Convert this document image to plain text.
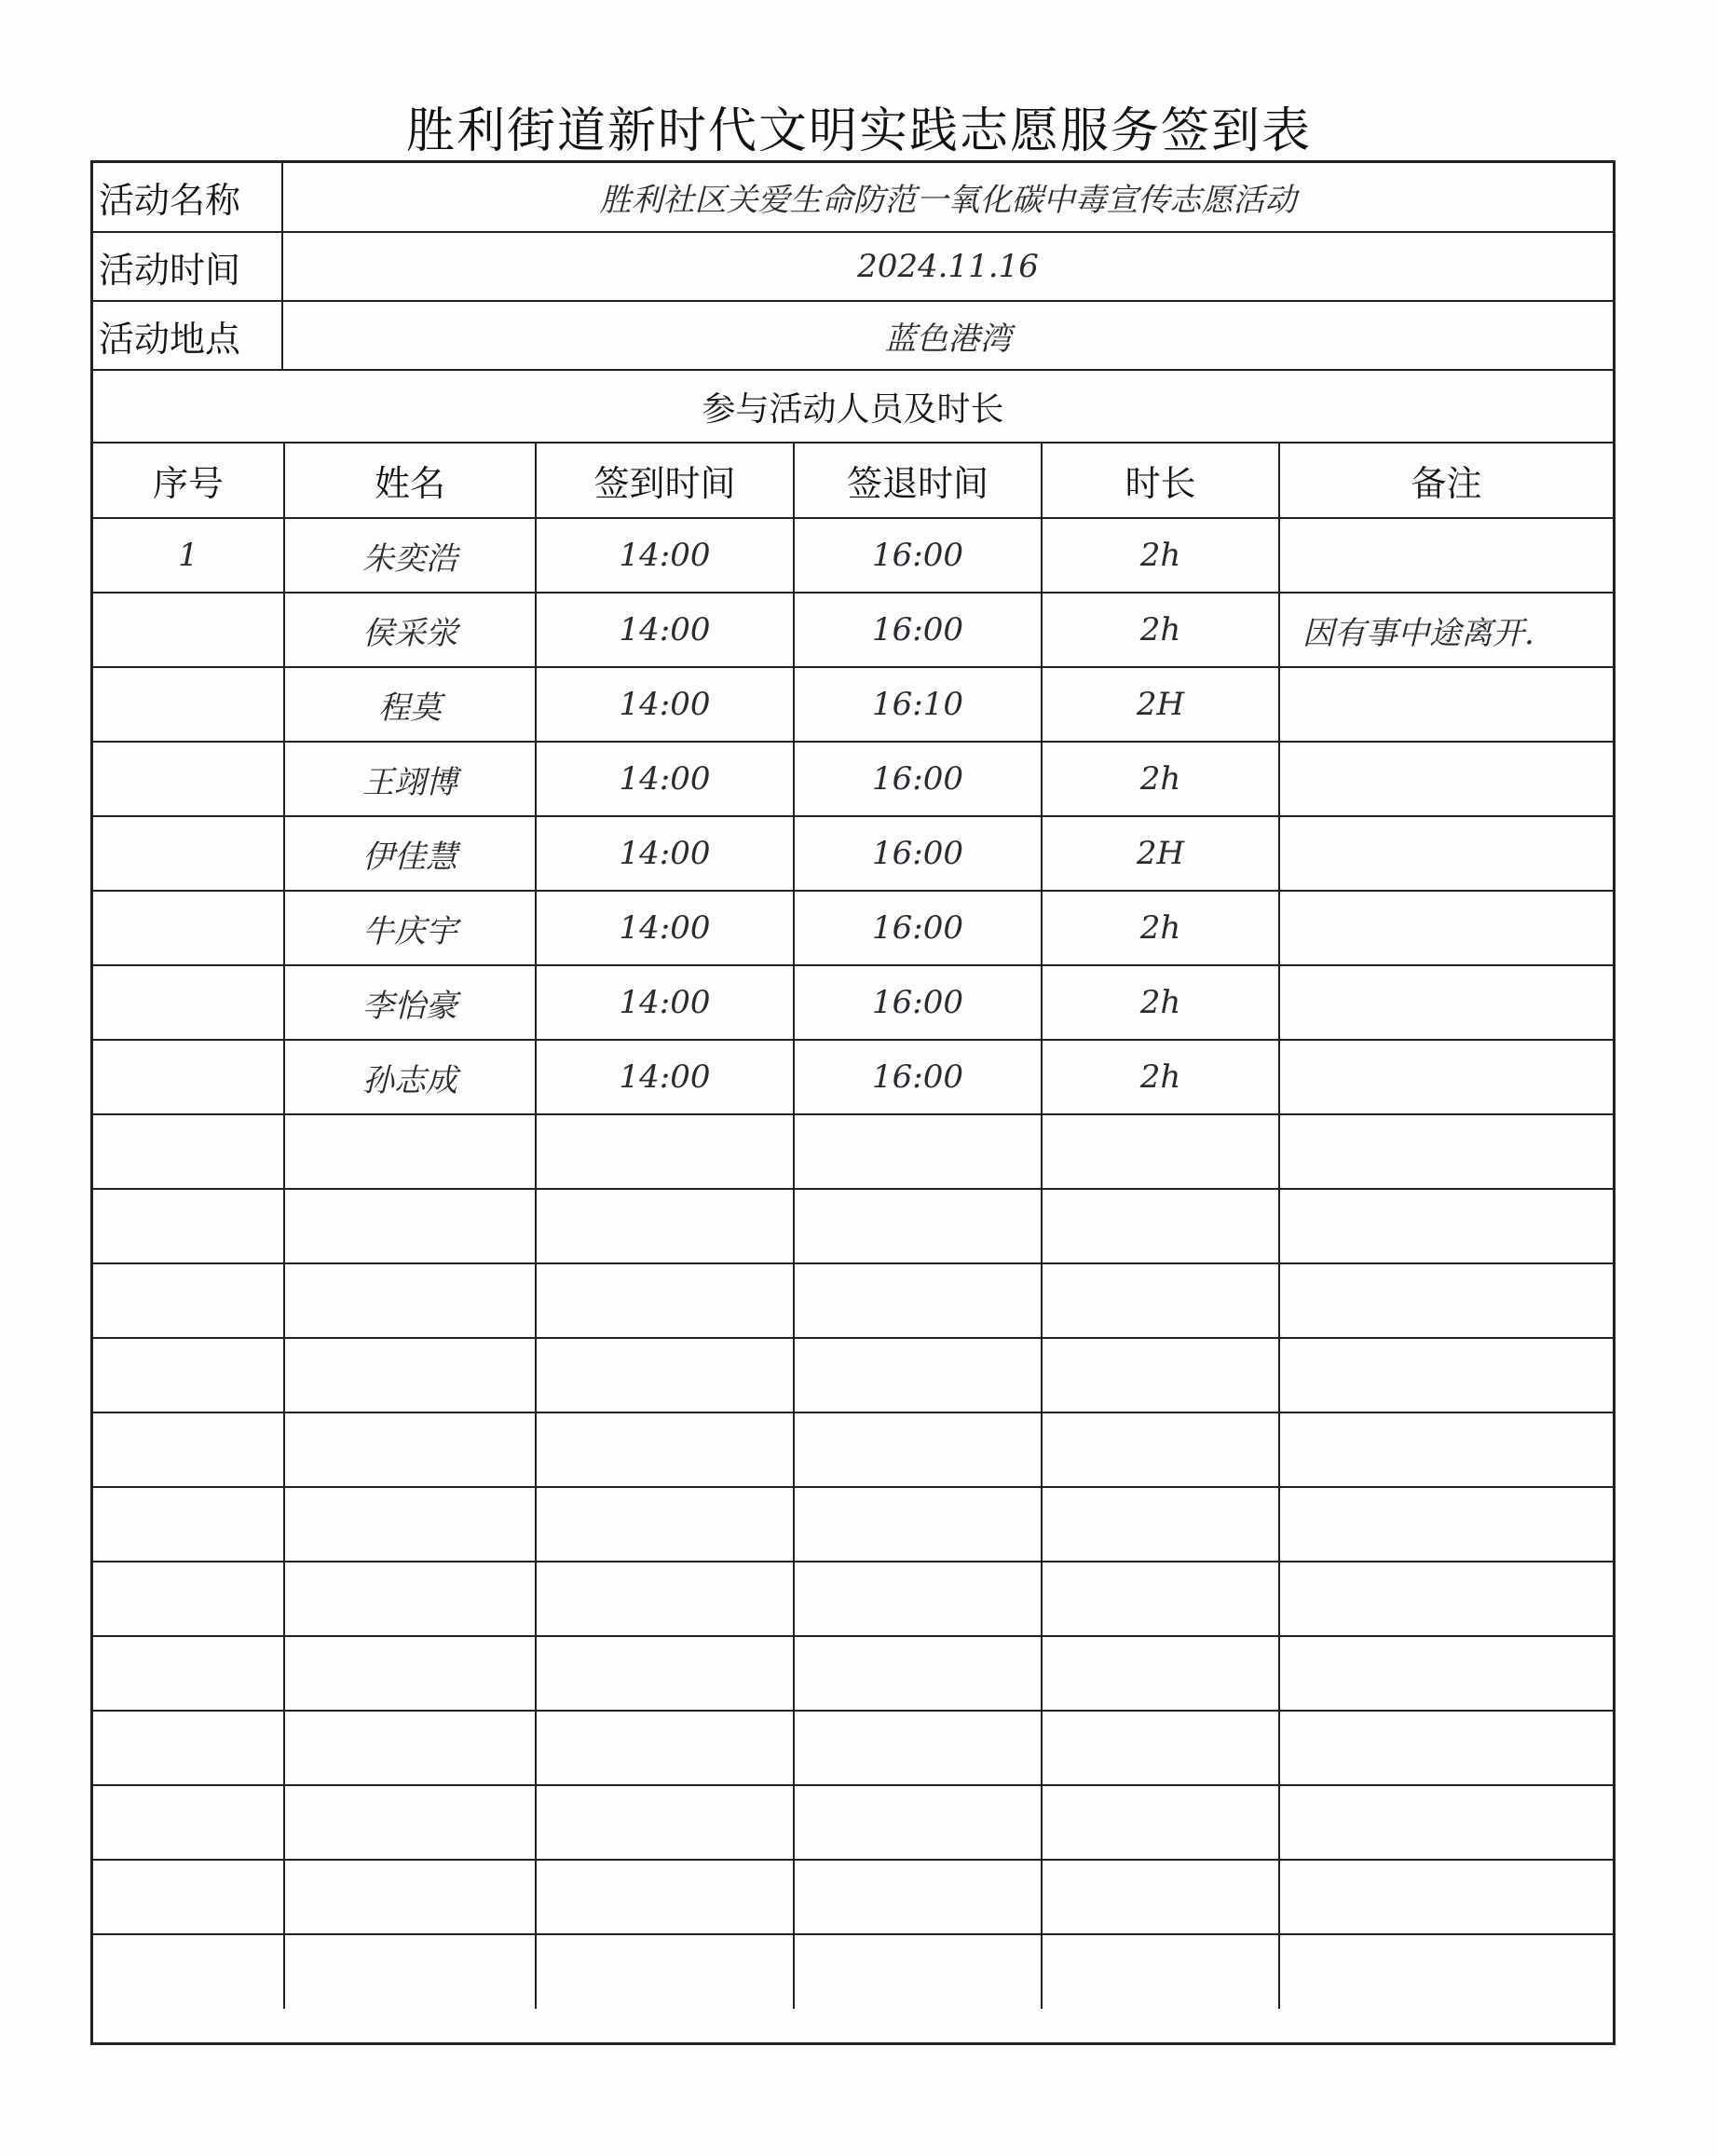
胜利街道新时代文明实践志愿服务签到表
活动名称	胜利社区关爱生命防范一氧化碳中毒宣传志愿活动
活动时间	2024.11.16
活动地点	蓝色港湾
参与活动人员及时长	
序号	姓名	签到时间	签退时间	时长	备注
1	朱奕浩	14:00	16:00	2h	
	侯采泶	14:00	16:00	2h	因有事中途离开.
	程莫	14:00	16:10	2H	
	王翊博	14:00	16:00	2h	
	伊佳慧	14:00	16:00	2H	
	牛庆宇	14:00	16:00	2h	
	李怡豪	14:00	16:00	2h	
	孙志成	14:00	16:00	2h	
